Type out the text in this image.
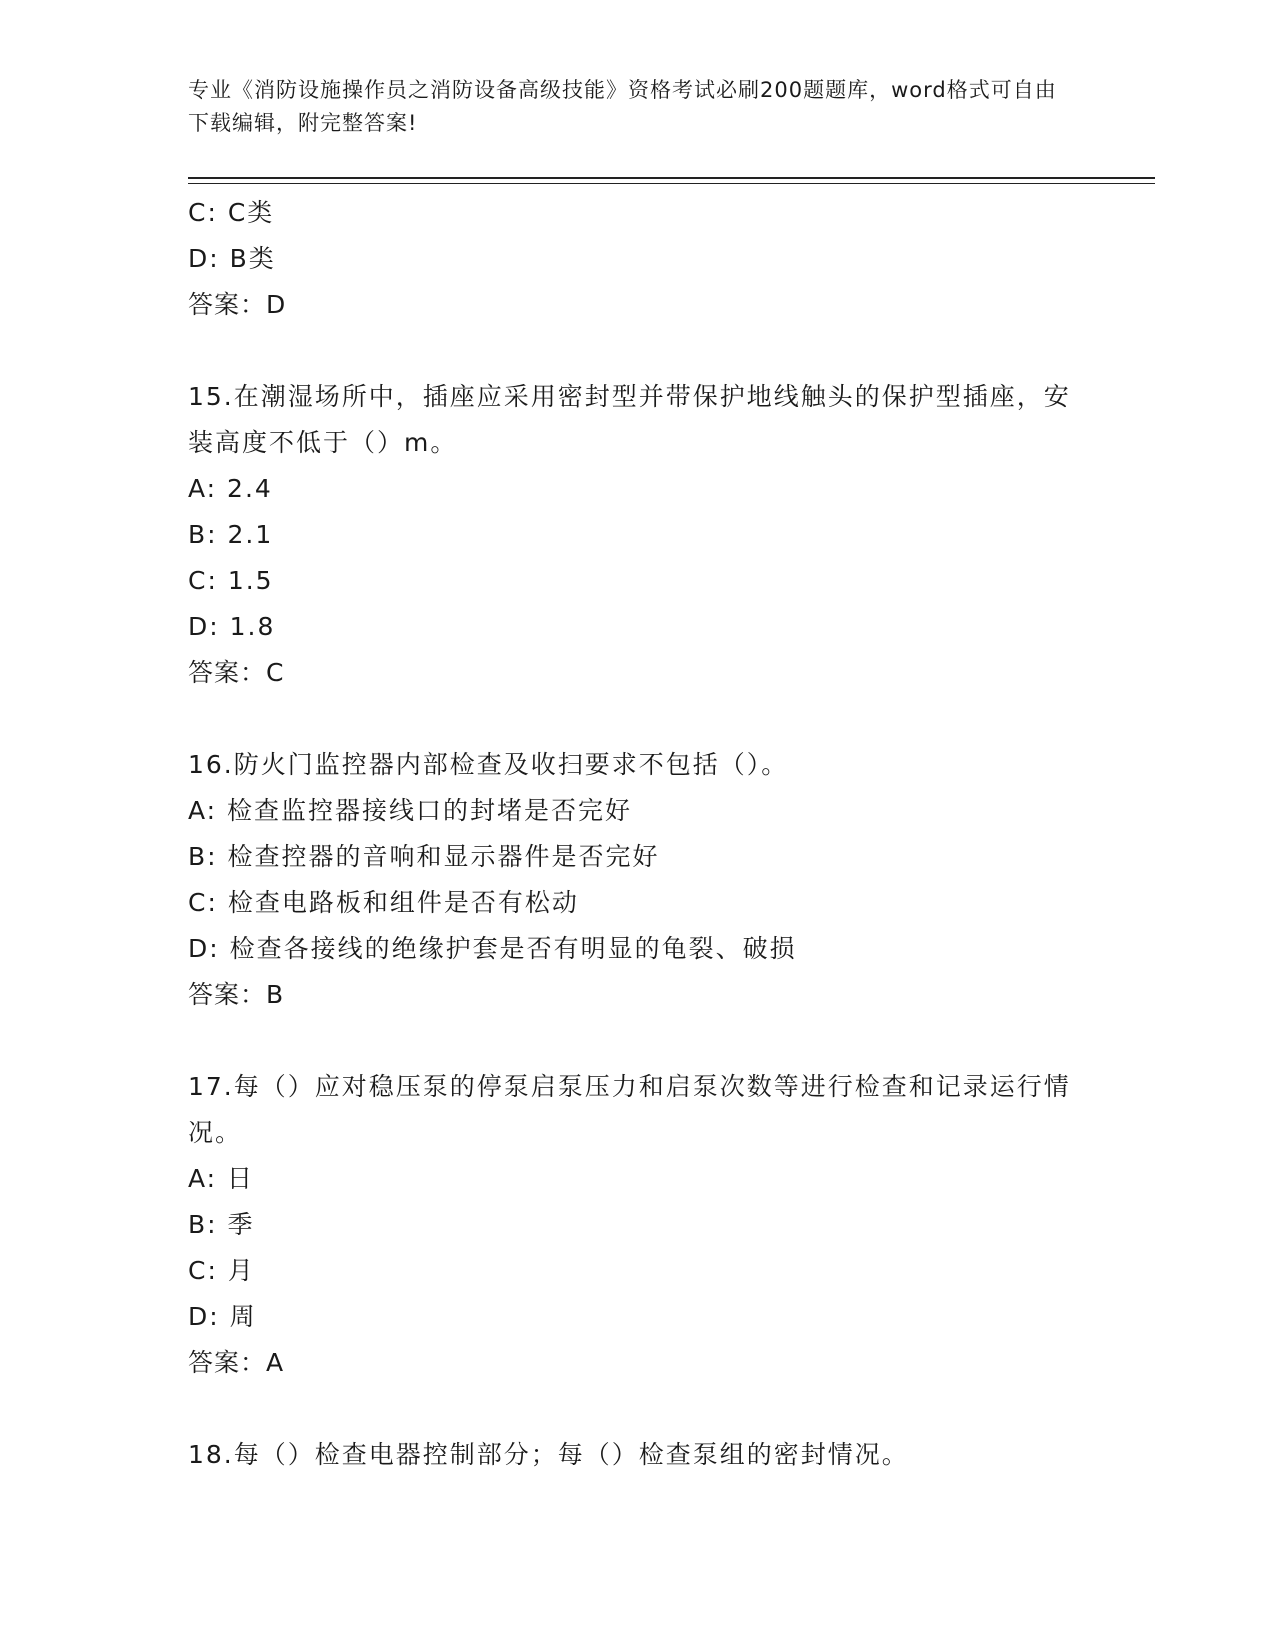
专业《消防设施操作员之消防设备高级技能》资格考试必刷200题题库，word格式可自由下载编辑，附完整答案!
C: C类
D: B类
答案：D
15.在潮湿场所中，插座应采用密封型并带保护地线触头的保护型插座，安装高度不低于（）m。
A: 2.4
B: 2.1
C: 1.5
D: 1.8
答案：C
16.防火门监控器内部检查及收扫要求不包括（）。
A: 检查监控器接线口的封堵是否完好
B: 检查控器的音响和显示器件是否完好
C: 检查电路板和组件是否有松动
D: 检查各接线的绝缘护套是否有明显的龟裂、破损
答案：B
17.每（）应对稳压泵的停泵启泵压力和启泵次数等进行检查和记录运行情况。
A: 日
B: 季
C: 月
D: 周
答案：A
18.每（）检查电器控制部分；每（）检查泵组的密封情况。
